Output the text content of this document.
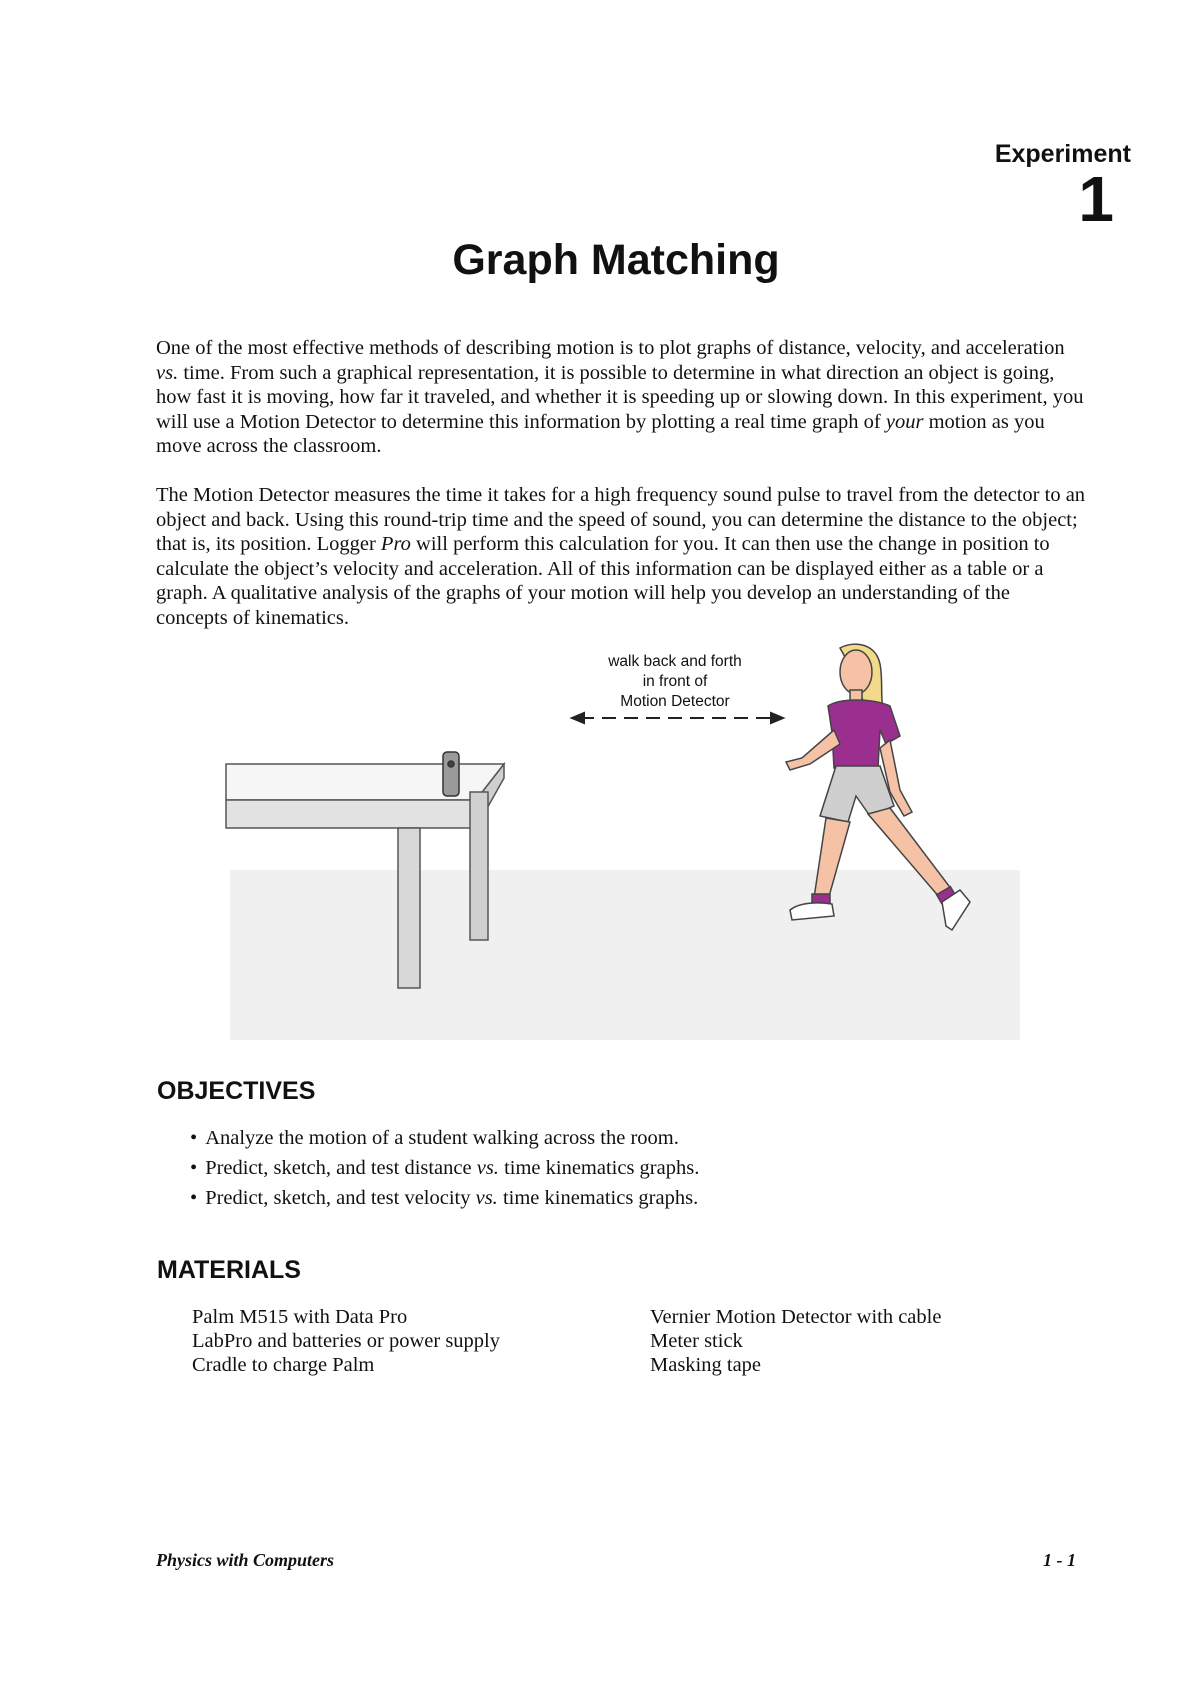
Experiment
1
Graph Matching

One of the most effective methods of describing motion is to plot graphs of distance, velocity, and acceleration vs. time. From such a graphical representation, it is possible to determine in what direction an object is going, how fast it is moving, how far it traveled, and whether it is speeding up or slowing down. In this experiment, you will use a Motion Detector to determine this information by plotting a real time graph of your motion as you move across the classroom.

The Motion Detector measures the time it takes for a high frequency sound pulse to travel from the detector to an object and back. Using this round-trip time and the speed of sound, you can determine the distance to the object; that is, its position. Logger Pro will perform this calculation for you. It can then use the change in position to calculate the object’s velocity and acceleration. All of this information can be displayed either as a table or a graph. A qualitative analysis of the graphs of your motion will help you develop an understanding of the concepts of kinematics.

walk back and forth
in front of
Motion Detector
OBJECTIVES
• Analyze the motion of a student walking across the room.
• Predict, sketch, and test distance vs. time kinematics graphs.
• Predict, sketch, and test velocity vs. time kinematics graphs.
MATERIALS
Palm M515 with Data Pro
LabPro and batteries or power supply
Cradle to charge Palm
Vernier Motion Detector with cable
Meter stick
Masking tape
Physics with Computers	1 - 1
